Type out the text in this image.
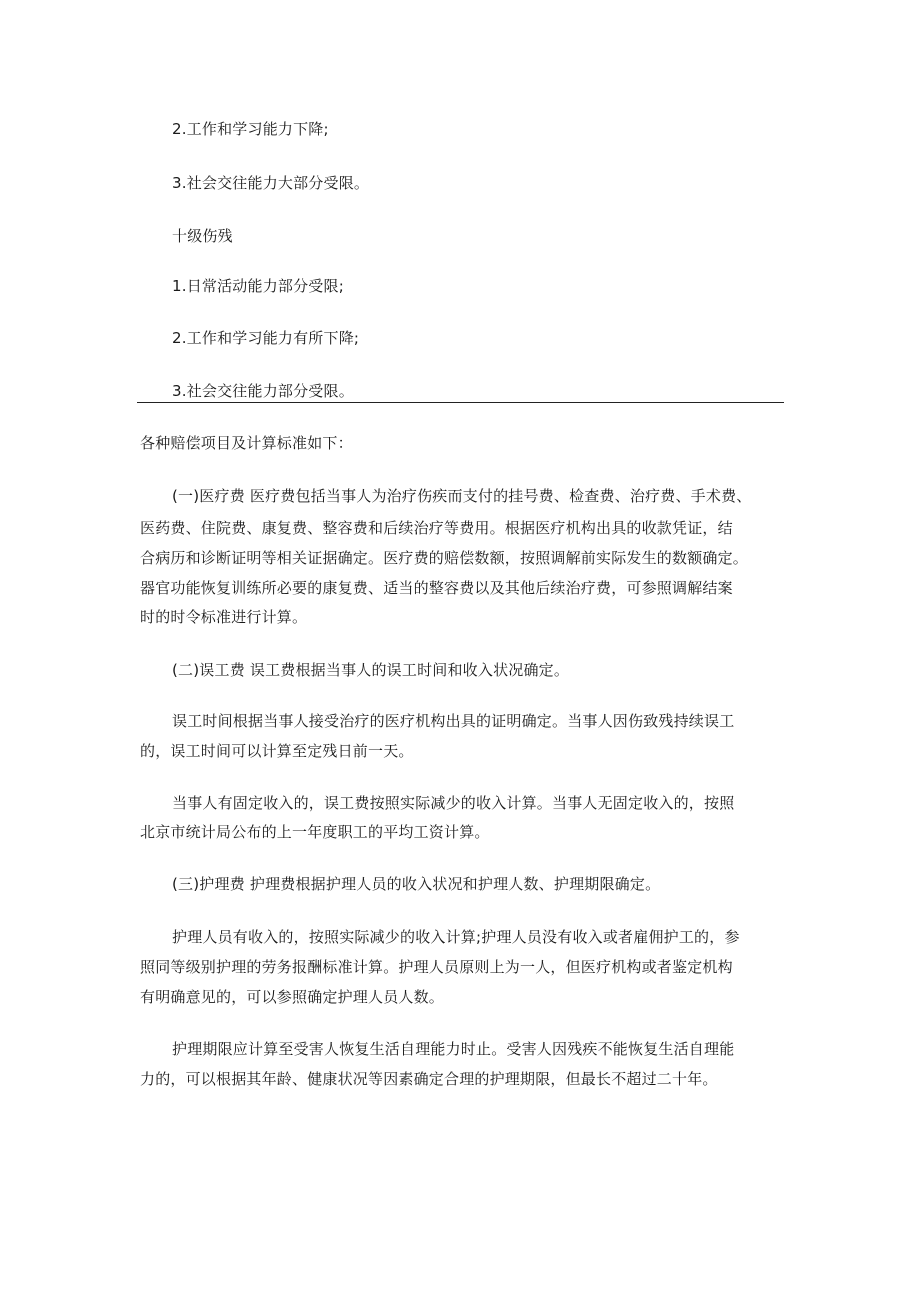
2.工作和学习能力下降;
3.社会交往能力大部分受限。
十级伤残
1.日常活动能力部分受限;
2.工作和学习能力有所下降;
3.社会交往能力部分受限。
各种赔偿项目及计算标准如下：
(一)医疗费 医疗费包括当事人为治疗伤疾而支付的挂号费、检查费、治疗费、手术费、
医药费、住院费、康复费、整容费和后续治疗等费用。根据医疗机构出具的收款凭证，结
合病历和诊断证明等相关证据确定。医疗费的赔偿数额，按照调解前实际发生的数额确定。
器官功能恢复训练所必要的康复费、适当的整容费以及其他后续治疗费，可参照调解结案
时的时令标准进行计算。
(二)误工费 误工费根据当事人的误工时间和收入状况确定。
误工时间根据当事人接受治疗的医疗机构出具的证明确定。当事人因伤致残持续误工
的，误工时间可以计算至定残日前一天。
当事人有固定收入的，误工费按照实际减少的收入计算。当事人无固定收入的，按照
北京市统计局公布的上一年度职工的平均工资计算。
(三)护理费 护理费根据护理人员的收入状况和护理人数、护理期限确定。
护理人员有收入的，按照实际减少的收入计算;护理人员没有收入或者雇佣护工的，参
照同等级别护理的劳务报酬标准计算。护理人员原则上为一人，但医疗机构或者鉴定机构
有明确意见的，可以参照确定护理人员人数。
护理期限应计算至受害人恢复生活自理能力时止。受害人因残疾不能恢复生活自理能
力的，可以根据其年龄、健康状况等因素确定合理的护理期限，但最长不超过二十年。
